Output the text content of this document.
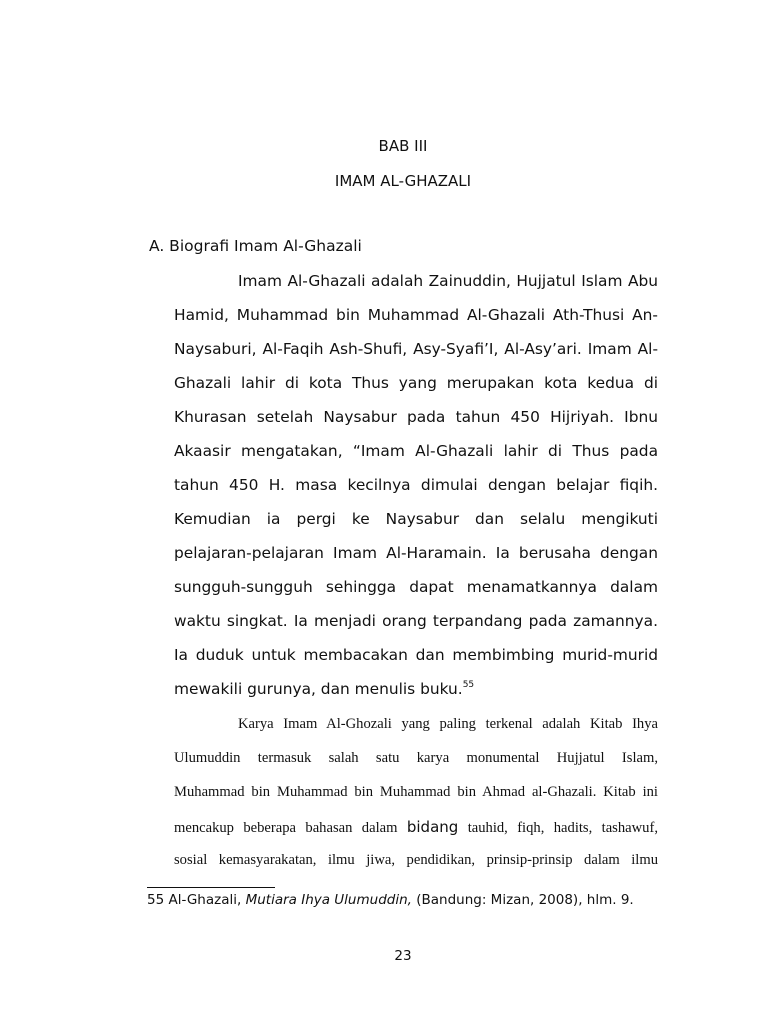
BAB III
IMAM AL-GHAZALI
A. Biografi Imam Al-Ghazali
Imam Al-Ghazali adalah Zainuddin, Hujjatul Islam Abu
Hamid, Muhammad bin Muhammad Al-Ghazali Ath-Thusi An-
Naysaburi, Al-Faqih Ash-Shufi, Asy-Syafi’I, Al-Asy’ari. Imam Al-
Ghazali lahir di kota Thus yang merupakan kota kedua di
Khurasan setelah Naysabur pada tahun 450 Hijriyah. Ibnu
Akaasir mengatakan, “Imam Al-Ghazali lahir di Thus pada
tahun 450 H. masa kecilnya dimulai dengan belajar fiqih.
Kemudian ia pergi ke Naysabur dan selalu mengikuti
pelajaran-pelajaran Imam Al-Haramain. Ia berusaha dengan
sungguh-sungguh sehingga dapat menamatkannya dalam
waktu singkat. Ia menjadi orang terpandang pada zamannya.
Ia duduk untuk membacakan dan membimbing murid-murid
mewakili gurunya, dan menulis buku.$^{55}$
Karya Imam Al-Ghozali yang paling terkenal adalah Kitab Ihya
Ulumuddin termasuk salah satu karya monumental Hujjatul Islam,
Muhammad bin Muhammad bin Muhammad bin Ahmad al-Ghazali. Kitab ini
mencakup beberapa bahasan dalam bidang tauhid, fiqh, hadits, tashawuf,
sosial kemasyarakatan, ilmu jiwa, pendidikan, prinsip-prinsip dalam ilmu
55 Al-Ghazali, Mutiara Ihya Ulumuddin, (Bandung: Mizan, 2008), hlm. 9.
23
